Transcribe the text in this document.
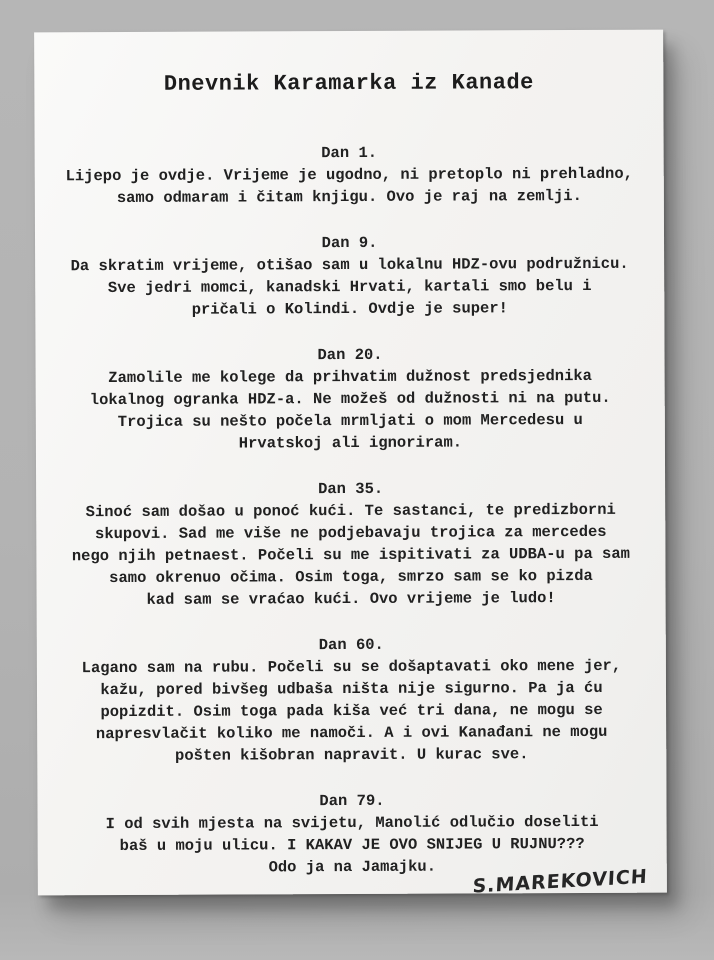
Dnevnik Karamarka iz Kanade
Dan 1.

Lijepo je ovdje. Vrijeme je ugodno, ni pretoplo ni prehladno,
samo odmaram i čitam knjigu. Ovo je raj na zemlji.

Dan 9.

Da skratim vrijeme, otišao sam u lokalnu HDZ-ovu podružnicu.
Sve jedri momci, kanadski Hrvati, kartali smo belu i
pričali o Kolindi. Ovdje je super!

Dan 20.

Zamolile me kolege da prihvatim dužnost predsjednika
lokalnog ogranka HDZ-a. Ne možeš od dužnosti ni na putu.
Trojica su nešto počela mrmljati o mom Mercedesu u
Hrvatskoj ali ignoriram.

Dan 35.

Sinoć sam došao u ponoć kući. Te sastanci, te predizborni
skupovi. Sad me više ne podjebavaju trojica za mercedes
nego njih petnaest. Počeli su me ispitivati za UDBA-u pa sam
samo okrenuo očima. Osim toga, smrzo sam se ko pizda
kad sam se vraćao kući. Ovo vrijeme je ludo!

Dan 60.

Lagano sam na rubu. Počeli su se došaptavati oko mene jer,
kažu, pored bivšeg udbaša ništa nije sigurno. Pa ja ću
popizdit. Osim toga pada kiša već tri dana, ne mogu se
napresvlačit koliko me namoči. A i ovi Kanađani ne mogu
pošten kišobran napravit. U kurac sve.

Dan 79.

I od svih mjesta na svijetu, Manolić odlučio doseliti
baš u moju ulicu. I KAKAV JE OVO SNIJEG U RUJNU???
Odo ja na Jamajku.	S.MAREKOVICH
